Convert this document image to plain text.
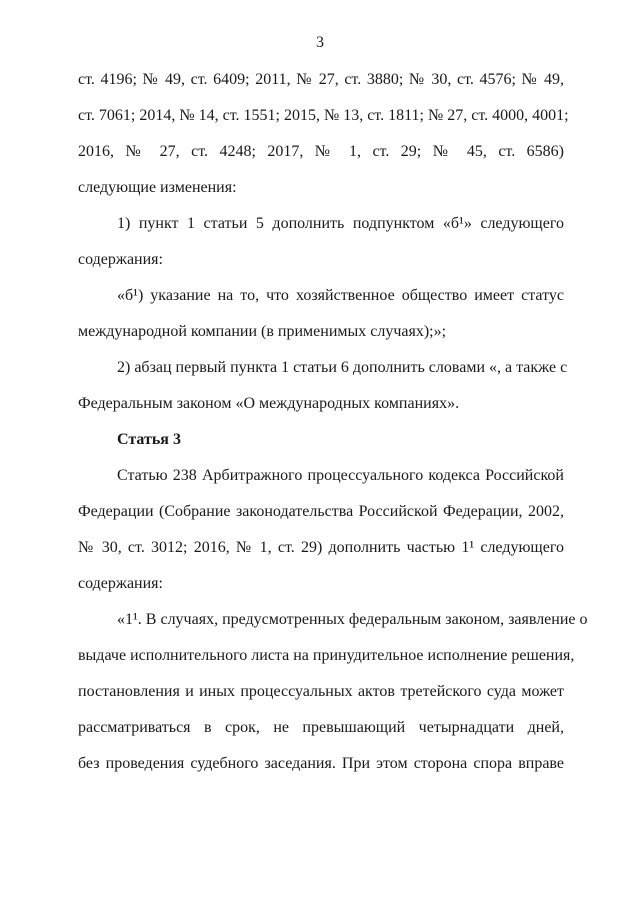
3
ст. 4196; № 49, ст. 6409; 2011, № 27, ст. 3880; № 30, ст. 4576; № 49,
ст. 7061; 2014, № 14, ст. 1551; 2015, № 13, ст. 1811; № 27, ст. 4000, 4001;
2016, № 27, ст. 4248; 2017, № 1, ст. 29; № 45, ст. 6586)
следующие изменения:
1) пункт 1 статьи 5 дополнить подпунктом «б¹» следующего
содержания:
«б¹) указание на то, что хозяйственное общество имеет статус
международной компании (в применимых случаях);»;
2) абзац первый пункта 1 статьи 6 дополнить словами «, а также с
Федеральным законом «О международных компаниях».
Статья 3
Статью 238 Арбитражного процессуального кодекса Российской
Федерации (Собрание законодательства Российской Федерации, 2002,
№ 30, ст. 3012; 2016, № 1, ст. 29) дополнить частью 1¹ следующего
содержания:
«1¹. В случаях, предусмотренных федеральным законом, заявление о
выдаче исполнительного листа на принудительное исполнение решения,
постановления и иных процессуальных актов третейского суда может
рассматриваться в срок, не превышающий четырнадцати дней,
без проведения судебного заседания. При этом сторона спора вправе
